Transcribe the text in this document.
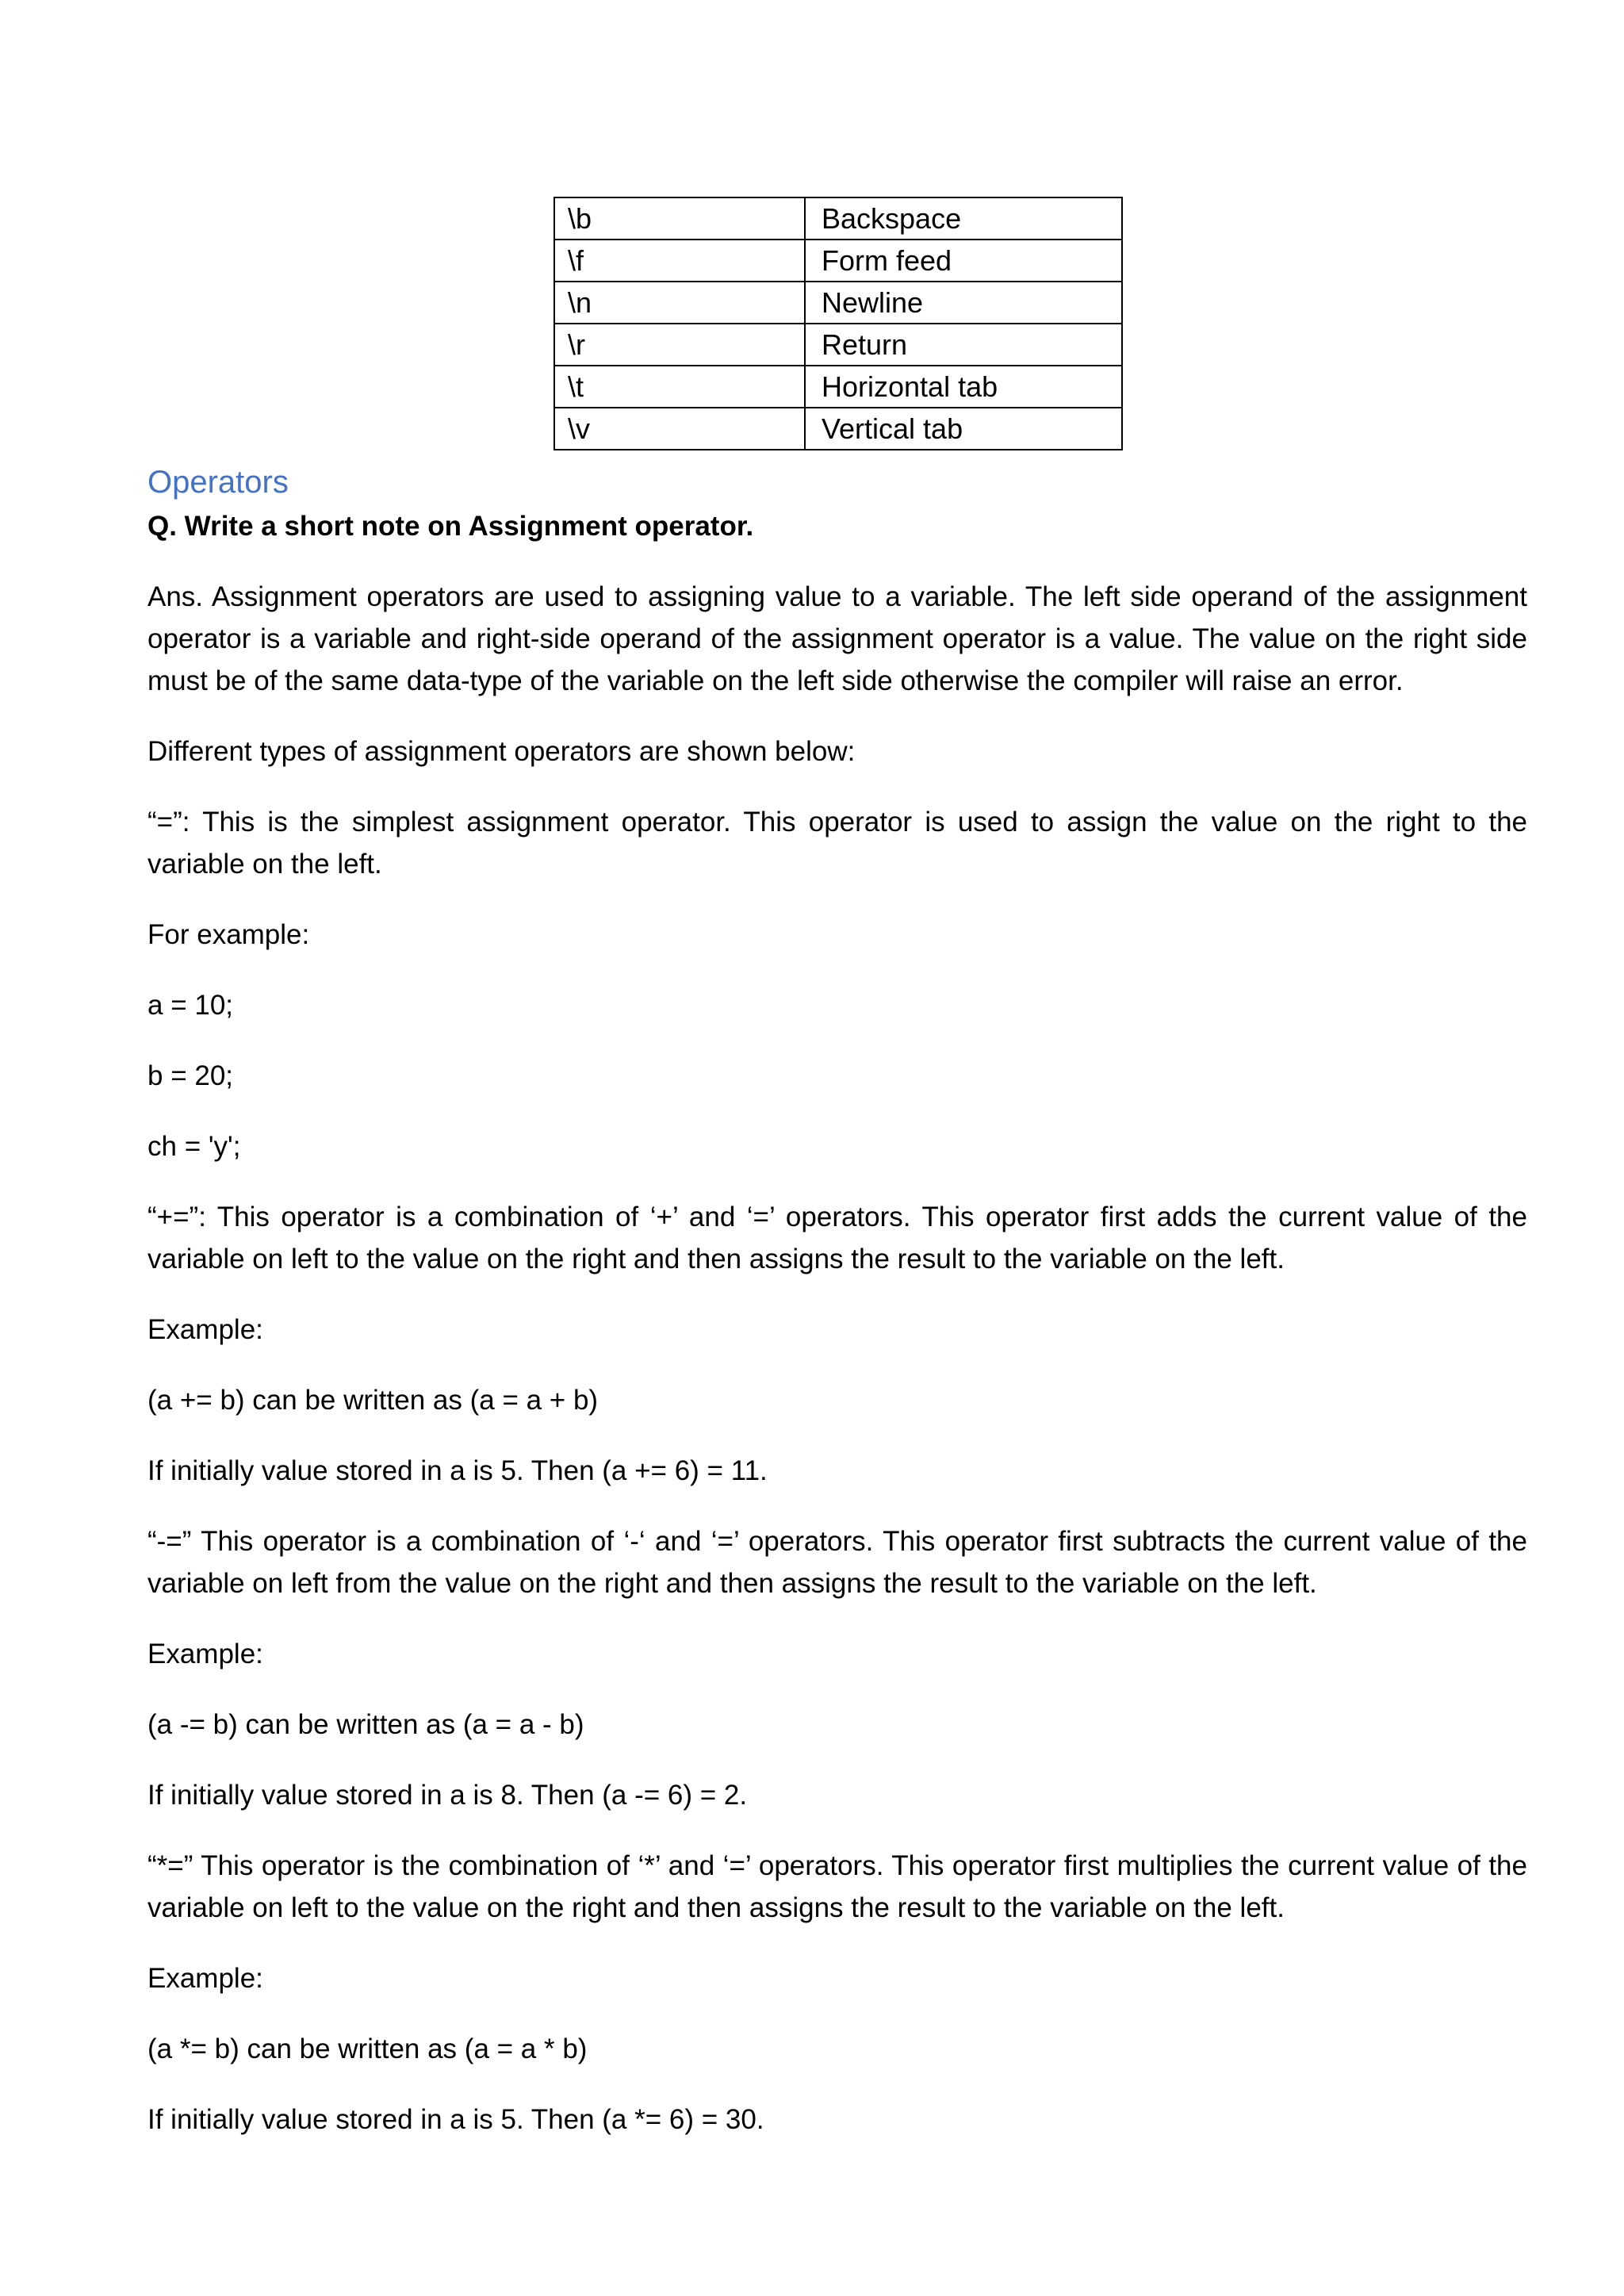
\b	Backspace
\f	Form feed
\n	Newline
\r	Return
\t	Horizontal tab
\v	Vertical tab
Operators

Q. Write a short note on Assignment operator.

Ans. Assignment operators are used to assigning value to a variable. The left side operand of the assignment operator is a variable and right-side operand of the assignment operator is a value. The value on the right side must be of the same data-type of the variable on the left side otherwise the compiler will raise an error.

Different types of assignment operators are shown below:

“=”: This is the simplest assignment operator. This operator is used to assign the value on the right to the variable on the left.

For example:

a = 10;

b = 20;

ch = 'y';

“+=”: This operator is a combination of ‘+’ and ‘=’ operators. This operator first adds the current value of the variable on left to the value on the right and then assigns the result to the variable on the left.

Example:

(a += b) can be written as (a = a + b)

If initially value stored in a is 5. Then (a += 6) = 11.

“-=” This operator is a combination of ‘-‘ and ‘=’ operators. This operator first subtracts the current value of the variable on left from the value on the right and then assigns the result to the variable on the left.

Example:

(a -= b) can be written as (a = a - b)

If initially value stored in a is 8. Then (a -= 6) = 2.

“*=” This operator is the combination of ‘*’ and ‘=’ operators. This operator first multiplies the current value of the variable on left to the value on the right and then assigns the result to the variable on the left.

Example:

(a *= b) can be written as (a = a * b)

If initially value stored in a is 5. Then (a *= 6) = 30.
